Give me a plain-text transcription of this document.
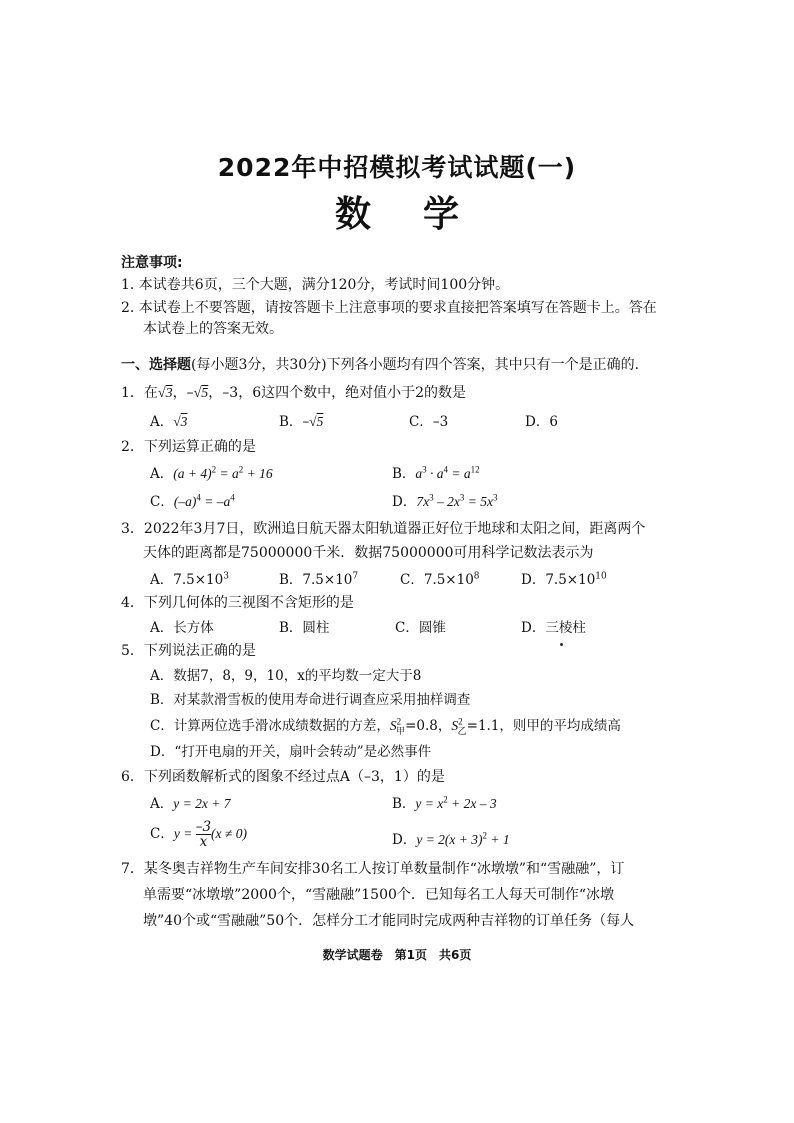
2022年中招模拟考试试题(一)
数学
注意事项:
1. 本试卷共6页，三个大题，满分120分，考试时间100分钟。
2. 本试卷上不要答题，请按答题卡上注意事项的要求直接把答案填写在答题卡上。答在
本试卷上的答案无效。
一、选择题(每小题3分，共30分)下列各小题均有四个答案，其中只有一个是正确的.
1．在√3，–√5，–3，6这四个数中，绝对值小于2的数是
A．√3	B．–√5	C．–3	D．6
2．下列运算正确的是
A．$(a + 4)^2 = a^2 + 16$	B．$a^3 \cdot a^4 = a^{12}$
C．$(-a)^4 = -a^4$	D．$7x^3 - 2x^3 = 5x^3$
3．2022年3月7日，欧洲追日航天器太阳轨道器正好位于地球和太阳之间，距离两个
天体的距离都是75000000千米．数据75000000可用科学记数法表示为
A．$7.5\times 10^3$	B．$7.5\times 10^7$	C．$7.5\times 10^8$	D．$7.5\times 10^{10}$
4．下列几何体的三视图不含矩形的是
A．长方体	B．圆柱	C．圆锥	D．三棱柱
5．下列说法正确的是
A．数据7，8，9，10，x的平均数一定大于8
B．对某款滑雪板的使用寿命进行调查应采用抽样调查
C．计算两位选手滑冰成绩数据的方差，$S^2_甲=0.8$，$S^2_乙=1.1$，则甲的平均成绩高
D．“打开电扇的开关，扇叶会转动”是必然事件
6．下列函数解析式的图象不经过点A（–3，1）的是
A．y = 2x + 7	B．$y = x^2 + 2x - 3$
C．$y = \frac{-3}{x} (x \ne 0)$	D．$y = 2(x + 3)^2 + 1$
7．某冬奥吉祥物生产车间安排30名工人按订单数量制作“冰墩墩”和“雪融融”，订
单需要“冰墩墩”2000个，“雪融融”1500个．已知每名工人每天可制作“冰墩
墩”40个或“雪融融”50个．怎样分工才能同时完成两种吉祥物的订单任务（每人
数学试题卷　第1页　共6页
